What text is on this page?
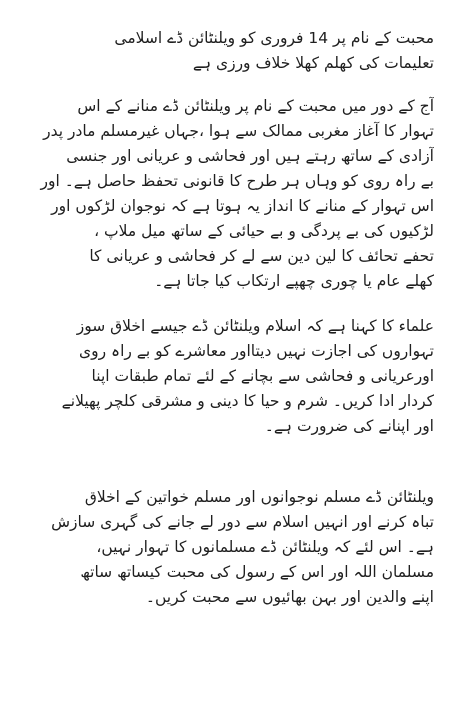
محبت کے نام پر 14 فروری کو ویلنٹائن ڈے اسلامی
تعلیمات کی کھلم کھلا خلاف ورزی ہے

آج کے دور میں محبت کے نام پر ویلنٹائن ڈے منانے کے اس
تہوار کا آغاز مغربی ممالک سے ہوا ،جہاں غیرمسلم مادر پدر
آزادی کے ساتھ رہتے ہیں اور فحاشی و عریانی اور جنسی
بے راہ روی کو وہاں ہر طرح کا قانونی تحفظ حاصل ہے۔ اور
اس تہوار کے منانے کا انداز یہ ہوتا ہے کہ نوجوان لڑکوں اور
لڑکیوں کی بے پردگی و بے حیائی کے ساتھ میل ملاپ ،
تحفے تحائف کا لین دین سے لے کر فحاشی و عریانی کا
کھلے عام یا چوری چھپے ارتکاب کیا جاتا ہے۔

علماء کا کہنا ہے کہ اسلام ویلنٹائن ڈے جیسے اخلاق سوز
تہواروں کی اجازت نہیں دیتااور معاشرے کو بے راہ روی
اورعریانی و فحاشی سے بچانے کے لئے تمام طبقات اپنا
کردار ادا کریں۔ شرم و حیا کا دینی و مشرقی کلچر پھیلانے
اور اپنانے کی ضرورت ہے۔

ویلنٹائن ڈے مسلم نوجوانوں اور مسلم خواتین کے اخلاق
تباہ کرنے اور انہیں اسلام سے دور لے جانے کی گہری سازش
ہے۔ اس لئے کہ ویلنٹائن ڈے مسلمانوں کا تہوار نہیں،
مسلمان اللہ اور اس کے رسول کی محبت کیساتھ ساتھ
اپنے والدین اور بہن بھائیوں سے محبت کریں۔
